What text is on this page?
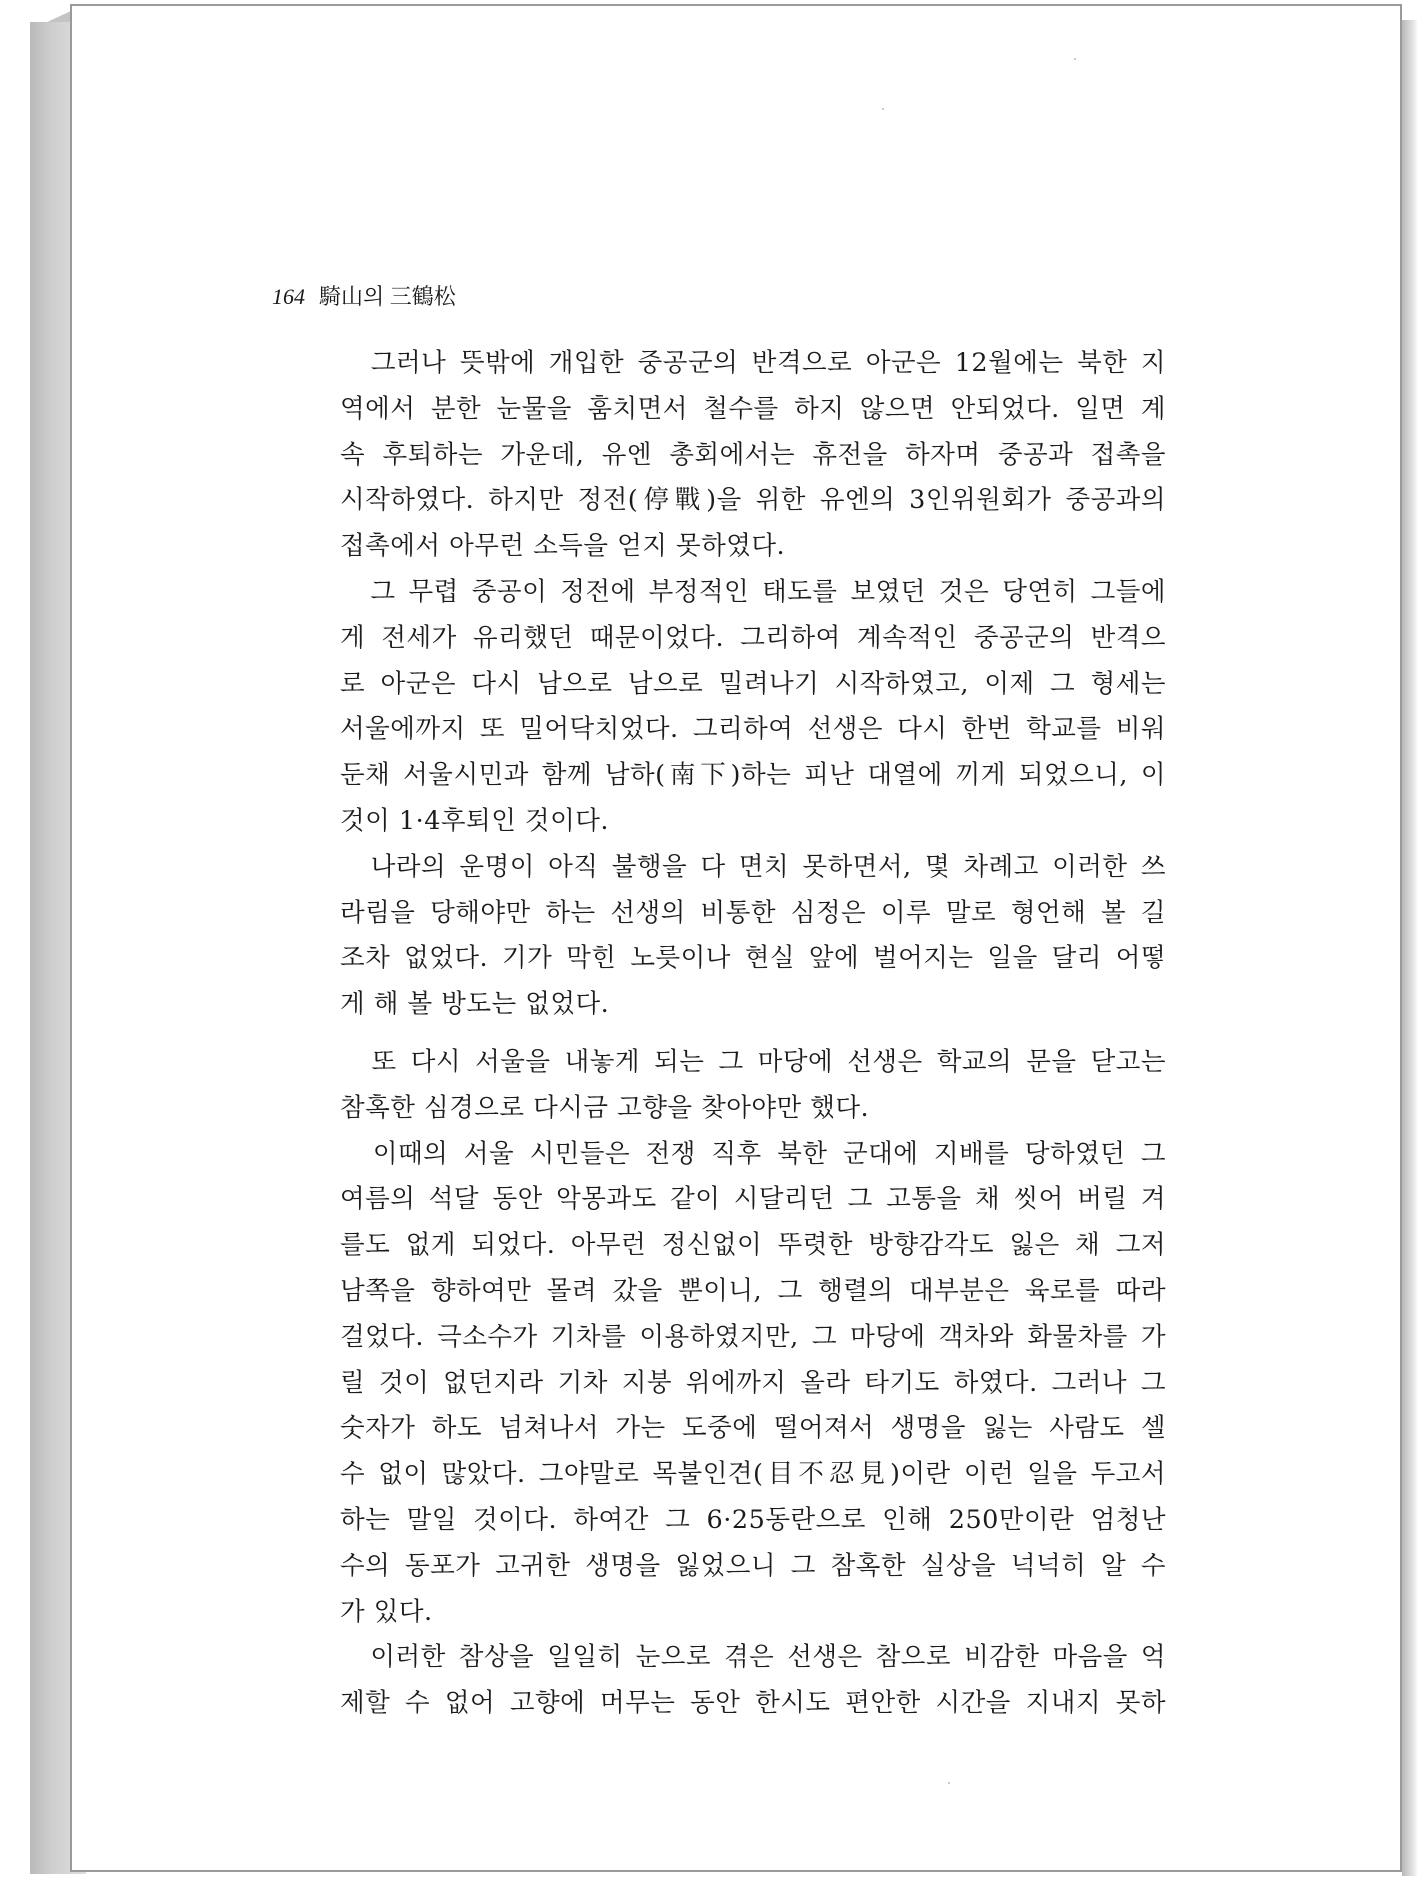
164 騎山의 三鶴松
　그러나 뜻밖에 개입한 중공군의 반격으로 아군은 12월에는 북한 지
역에서 분한 눈물을 훔치면서 철수를 하지 않으면 안되었다. 일면 계
속 후퇴하는 가운데, 유엔 총회에서는 휴전을 하자며 중공과 접촉을
시작하였다. 하지만 정전(停戰)을 위한 유엔의 3인위원회가 중공과의
접촉에서 아무런 소득을 얻지 못하였다.
　그 무렵 중공이 정전에 부정적인 태도를 보였던 것은 당연히 그들에
게 전세가 유리했던 때문이었다. 그리하여 계속적인 중공군의 반격으
로 아군은 다시 남으로 남으로 밀려나기 시작하였고, 이제 그 형세는
서울에까지 또 밀어닥치었다. 그리하여 선생은 다시 한번 학교를 비워
둔채 서울시민과 함께 남하(南下)하는 피난 대열에 끼게 되었으니, 이
것이 1·4후퇴인 것이다.
　나라의 운명이 아직 불행을 다 면치 못하면서, 몇 차례고 이러한 쓰
라림을 당해야만 하는 선생의 비통한 심정은 이루 말로 형언해 볼 길
조차 없었다. 기가 막힌 노릇이나 현실 앞에 벌어지는 일을 달리 어떻
게 해 볼 방도는 없었다.
　또 다시 서울을 내놓게 되는 그 마당에 선생은 학교의 문을 닫고는
참혹한 심경으로 다시금 고향을 찾아야만 했다.
　이때의 서울 시민들은 전쟁 직후 북한 군대에 지배를 당하였던 그
여름의 석달 동안 악몽과도 같이 시달리던 그 고통을 채 씻어 버릴 겨
를도 없게 되었다. 아무런 정신없이 뚜렷한 방향감각도 잃은 채 그저
남쪽을 향하여만 몰려 갔을 뿐이니, 그 행렬의 대부분은 육로를 따라
걸었다. 극소수가 기차를 이용하였지만, 그 마당에 객차와 화물차를 가
릴 것이 없던지라 기차 지붕 위에까지 올라 타기도 하였다. 그러나 그
숫자가 하도 넘쳐나서 가는 도중에 떨어져서 생명을 잃는 사람도 셀
수 없이 많았다. 그야말로 목불인견(目不忍見)이란 이런 일을 두고서
하는 말일 것이다. 하여간 그 6·25동란으로 인해 250만이란 엄청난
수의 동포가 고귀한 생명을 잃었으니 그 참혹한 실상을 넉넉히 알 수
가 있다.
　이러한 참상을 일일히 눈으로 겪은 선생은 참으로 비감한 마음을 억
제할 수 없어 고향에 머무는 동안 한시도 편안한 시간을 지내지 못하
